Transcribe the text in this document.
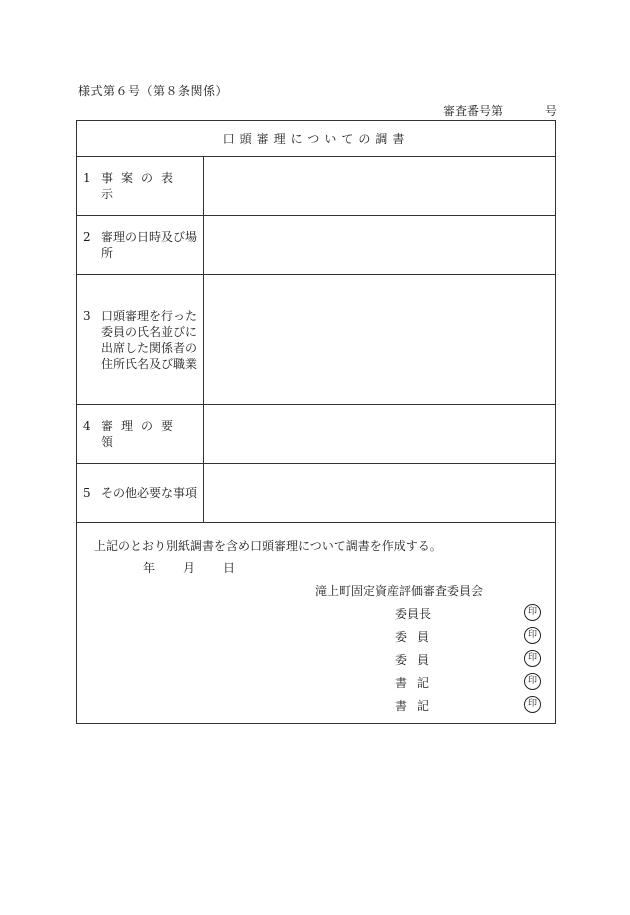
様式第６号（第８条関係）
審査番号第	号
口頭審理についての調書
1 事案の表示
2 審理の日時及び場
所
3 口頭審理を行った
委員の氏名並びに
出席した関係者の
住所氏名及び職業
4 審理の要領
5 その他必要な事項
上記のとおり別紙調書を含め口頭審理について調書を作成する。
年 月 日
滝上町固定資産評価審査委員会
委員長	印
委員	印
委員	印
書記	印
書記	印
